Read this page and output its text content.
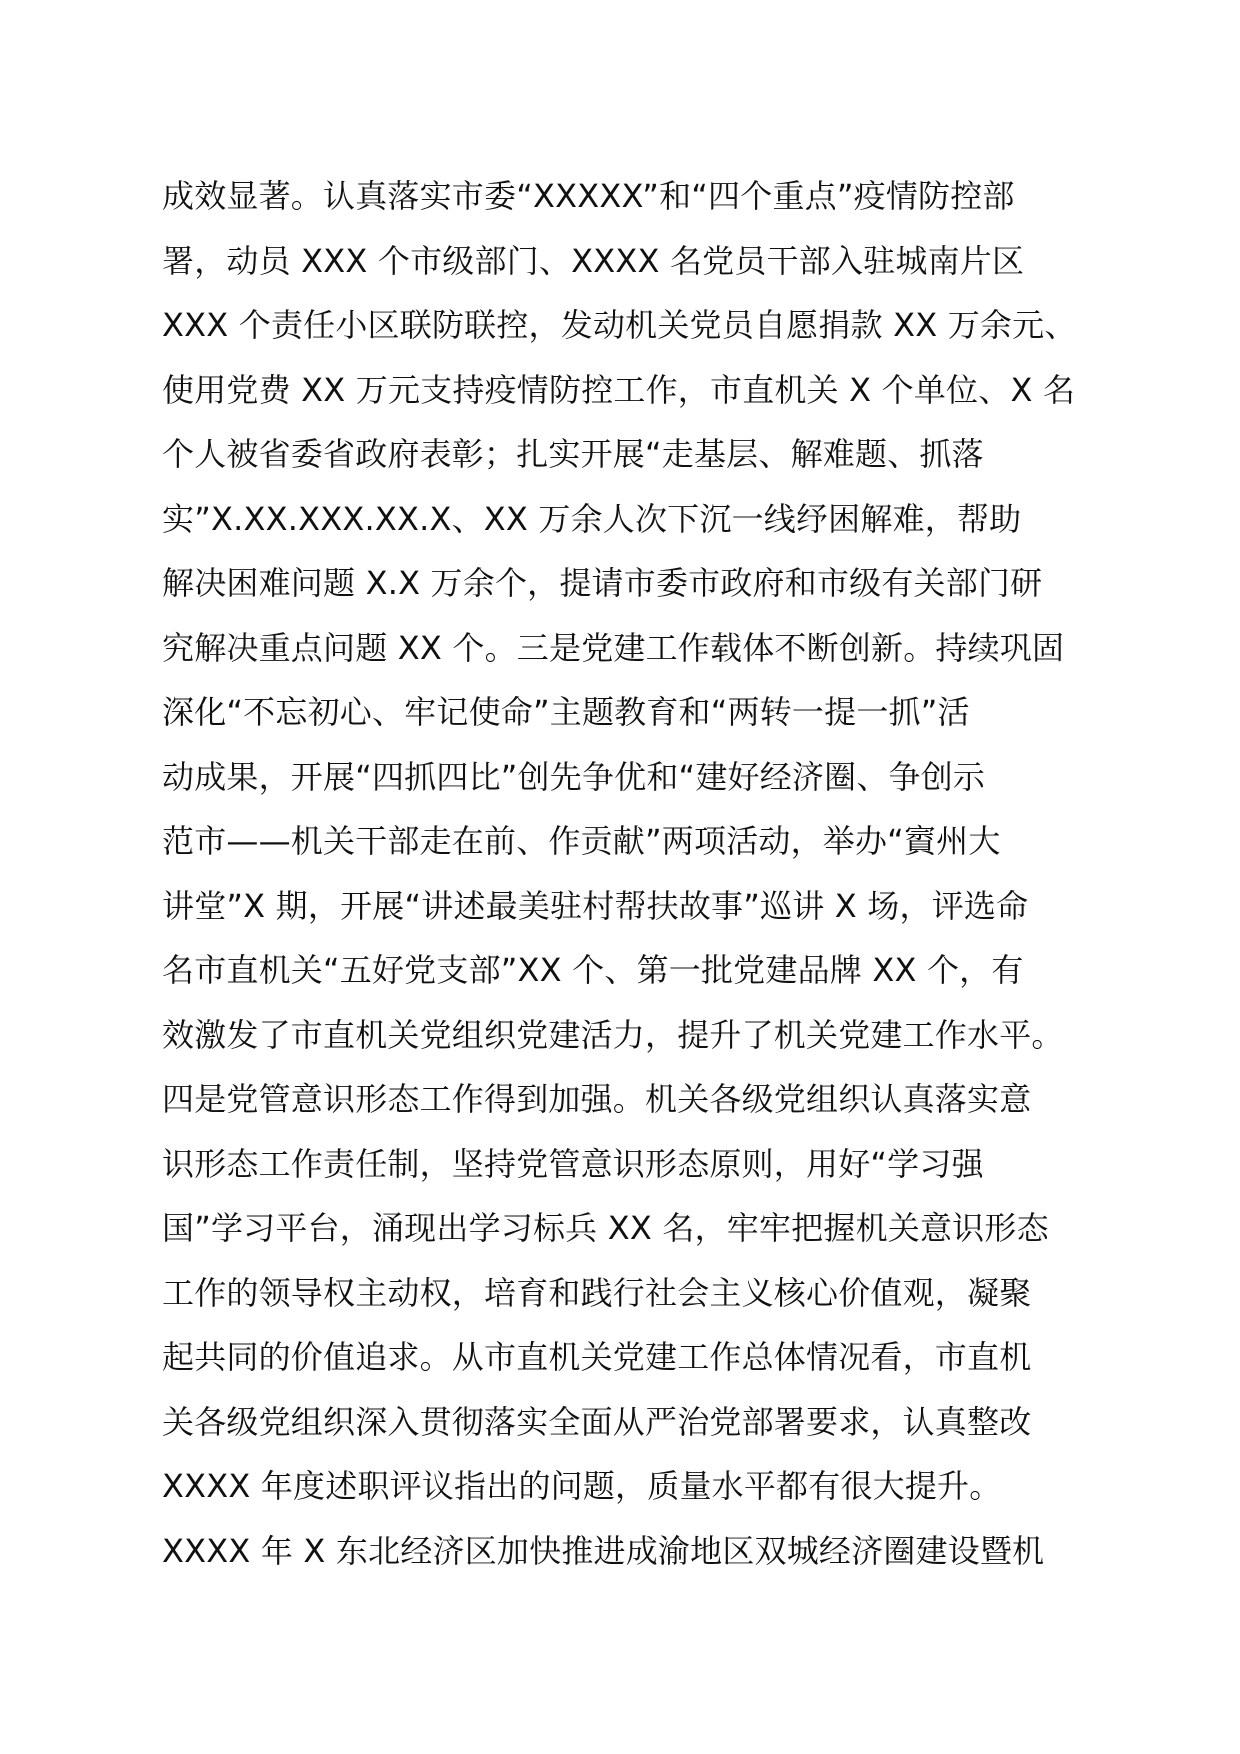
成效显著。认真落实市委“XXXXX”和“四个重点”疫情防控部
署，动员 XXX 个市级部门、XXXX 名党员干部入驻城南片区
XXX 个责任小区联防联控，发动机关党员自愿捐款 XX 万余元、
使用党费 XX 万元支持疫情防控工作，市直机关 X 个单位、X 名
个人被省委省政府表彰；扎实开展“走基层、解难题、抓落
实”X.XX.XXX.XX.X、XX 万余人次下沉一线纾困解难，帮助
解决困难问题 X.X 万余个，提请市委市政府和市级有关部门研
究解决重点问题 XX 个。三是党建工作载体不断创新。持续巩固
深化“不忘初心、牢记使命”主题教育和“两转一提一抓”活
动成果，开展“四抓四比”创先争优和“建好经济圈、争创示
范市——机关干部走在前、作贡献”两项活动，举办“賨州大
讲堂”X 期，开展“讲述最美驻村帮扶故事”巡讲 X 场，评选命
名市直机关“五好党支部”XX 个、第一批党建品牌 XX 个，有
效激发了市直机关党组织党建活力，提升了机关党建工作水平。
四是党管意识形态工作得到加强。机关各级党组织认真落实意
识形态工作责任制，坚持党管意识形态原则，用好“学习强
国”学习平台，涌现出学习标兵 XX 名，牢牢把握机关意识形态
工作的领导权主动权，培育和践行社会主义核心价值观，凝聚
起共同的价值追求。从市直机关党建工作总体情况看，市直机
关各级党组织深入贯彻落实全面从严治党部署要求，认真整改
XXXX 年度述职评议指出的问题，质量水平都有很大提升。
XXXX 年 X 东北经济区加快推进成渝地区双城经济圈建设暨机
